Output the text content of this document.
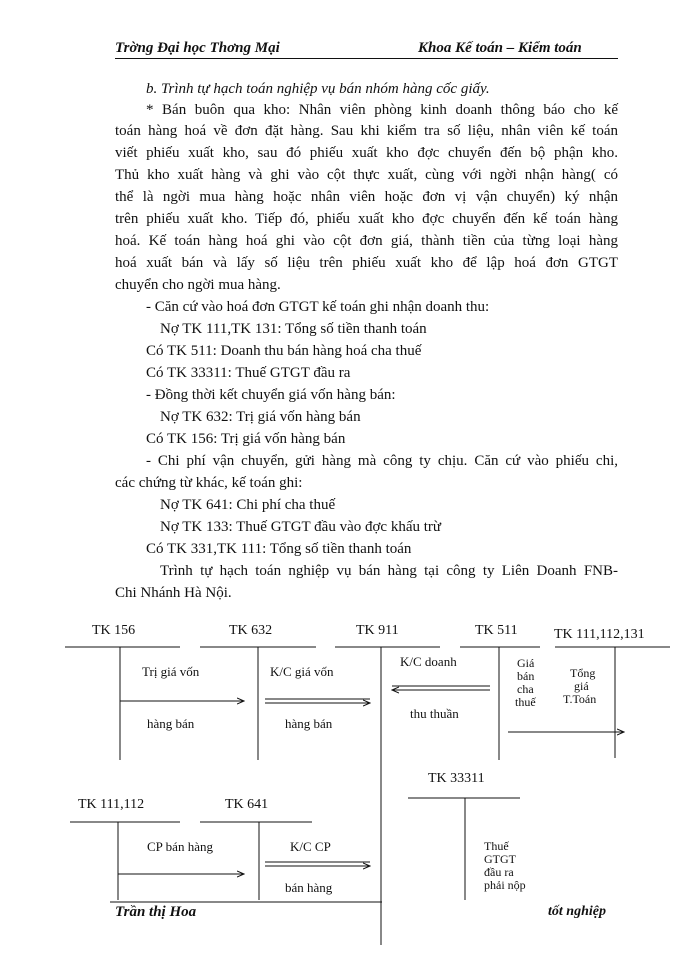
Trờng Đại học Thơng Mại	Khoa Kế toán – Kiểm toán
b. Trình tự hạch toán nghiệp vụ bán nhóm hàng cốc giấy.
* Bán buôn qua kho: Nhân viên phòng kinh doanh thông báo cho kế
toán hàng hoá về đơn đặt hàng. Sau khi kiểm tra số liệu, nhân viên kế toán
viết phiếu xuất kho, sau đó phiếu xuất kho đợc chuyển đến bộ phận kho.
Thủ kho xuất hàng và ghi vào cột thực xuất, cùng với ngời nhận hàng( có
thể là ngời mua hàng hoặc nhân viên hoặc đơn vị vận chuyển) ký nhận
trên phiếu xuất kho. Tiếp đó, phiếu xuất kho đợc chuyển đến kế toán hàng
hoá. Kế toán hàng hoá ghi vào cột đơn giá, thành tiền của từng loại hàng
hoá xuất bán và lấy số liệu trên phiếu xuất kho để lập hoá đơn GTGT
chuyển cho ngời mua hàng.
- Căn cứ vào hoá đơn GTGT kế toán ghi nhận doanh thu:
Nợ TK 111,TK 131: Tổng số tiền thanh toán
Có TK 511: Doanh thu bán hàng hoá cha thuế
Có TK 33311: Thuế GTGT đầu ra
- Đồng thời kết chuyển giá vốn hàng bán:
Nợ TK 632: Trị giá vốn hàng bán
Có TK 156: Trị giá vốn hàng bán
- Chi phí vận chuyển, gửi hàng mà công ty chịu. Căn cứ vào phiếu chi,
các chứng từ khác, kế toán ghi:
Nợ TK 641: Chi phí cha thuế
Nợ TK 133: Thuế GTGT đầu vào đợc khấu trừ
Có TK 331,TK 111: Tổng số tiền thanh toán
Trình tự hạch toán nghiệp vụ bán hàng tại công ty Liên Doanh FNB-
Chi Nhánh Hà Nội.
TK 156	TK 632	TK 911	TK 511	TK 111,112,131
TK 33311
TK 111,112	TK 641
Trị giá vốn
hàng bán
K/C giá vốn
hàng bán
K/C doanh
thu thuần
Giá bán cha thuế
Tổng giá T.Toán
CP bán hàng	K/C CP
bán hàng
Thuế GTGT đầu ra phải nộp
Trần thị Hoa	tốt nghiệp
